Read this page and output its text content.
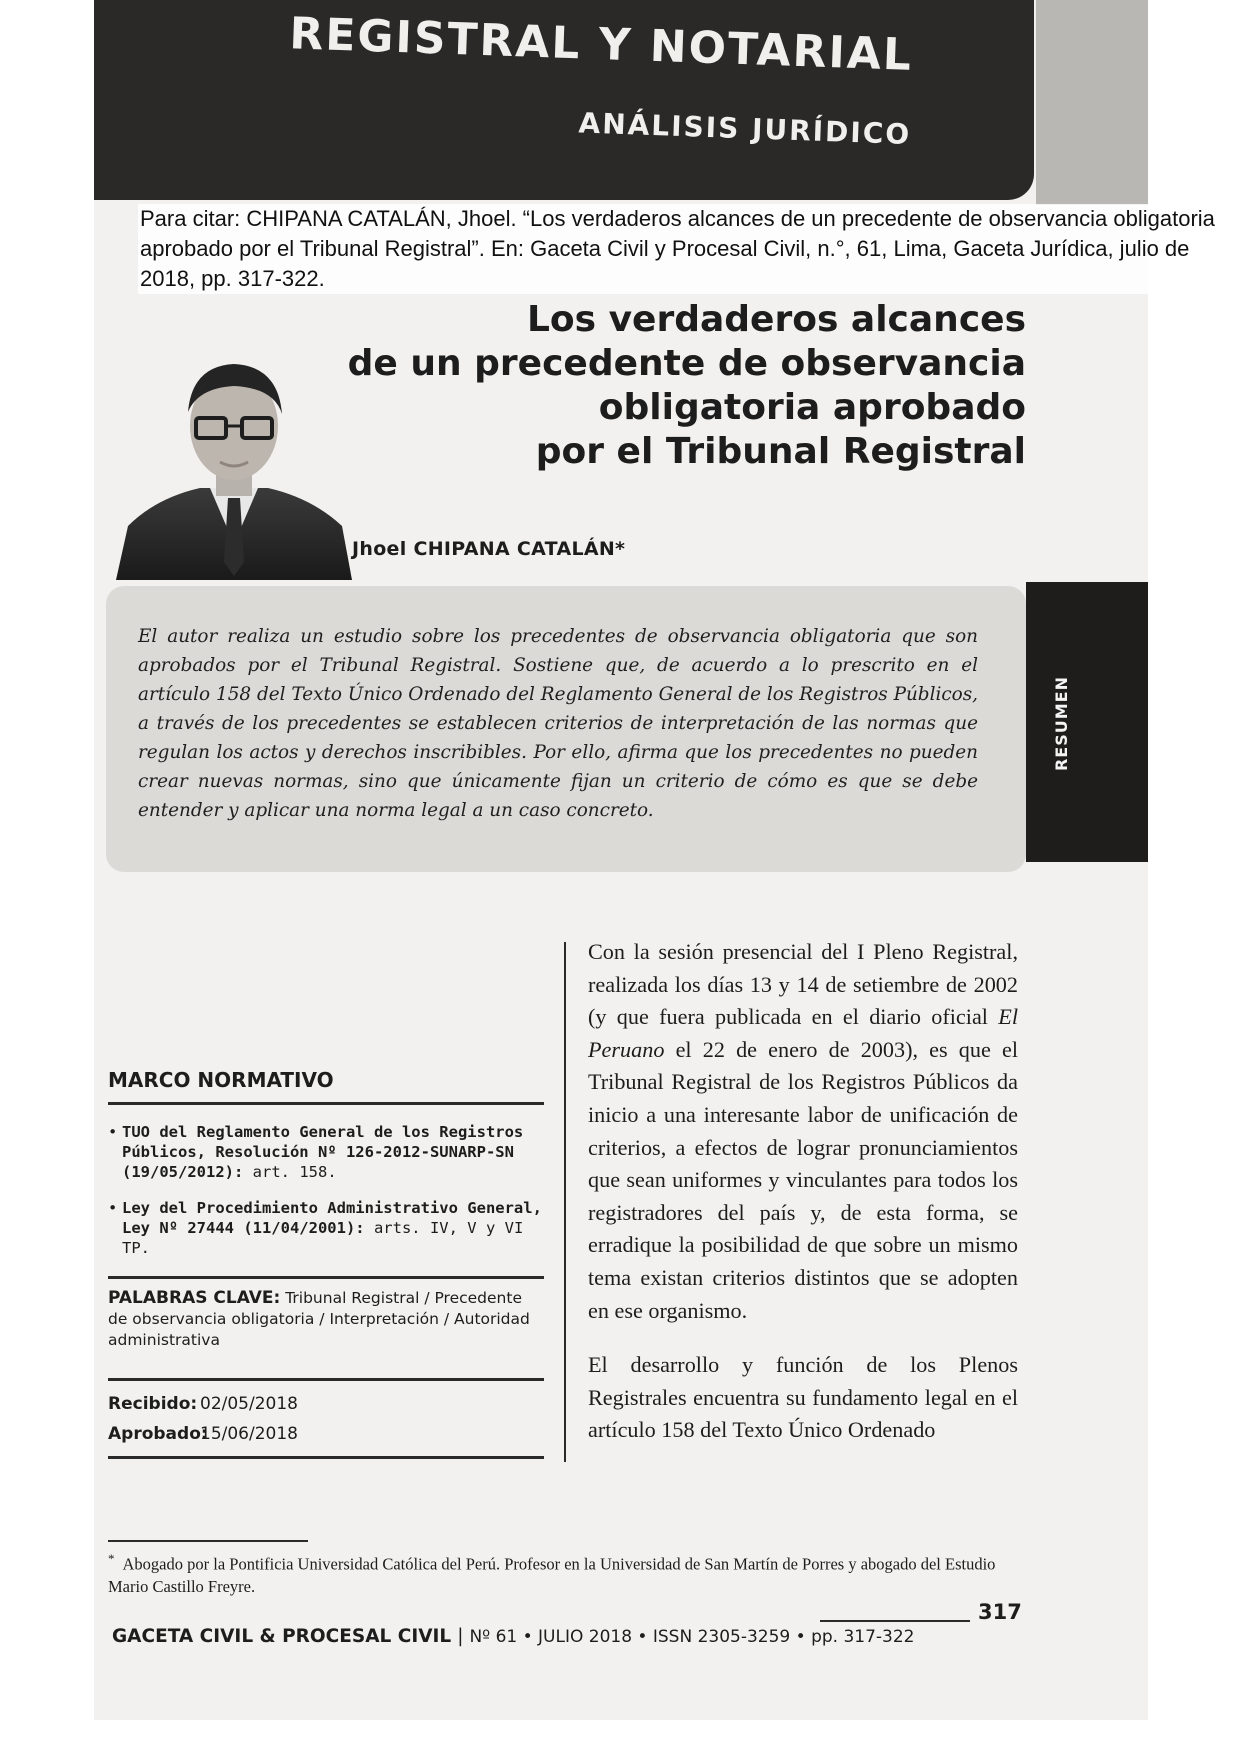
REGISTRAL Y NOTARIAL
ANÁLISIS JURÍDICO
Para citar: CHIPANA CATALÁN, Jhoel. “Los verdaderos alcances de un precedente de observancia obligatoria aprobado por el Tribunal Registral”. En: Gaceta Civil y Procesal Civil, n.°, 61, Lima, Gaceta Jurídica, julio de 2018, pp. 317-322.
Los verdaderos alcances
de un precedente de observancia
obligatoria aprobado
por el Tribunal Registral
Jhoel CHIPANA CATALÁN*
El autor realiza un estudio sobre los precedentes de observancia obligatoria que son aprobados por el Tribunal Registral. Sostiene que, de acuerdo a lo prescrito en el artículo 158 del Texto Único Ordenado del Reglamento General de los Registros Públicos, a través de los precedentes se establecen criterios de interpretación de las normas que regulan los actos y derechos inscribibles. Por ello, afirma que los precedentes no pueden crear nuevas normas, sino que únicamente fijan un criterio de cómo es que se debe entender y aplicar una norma legal a un caso concreto.
RESUMEN
MARCO NORMATIVO
• TUO del Reglamento General de los Registros Públicos, Resolución Nº 126-2012-SUNARP-SN (19/05/2012): art. 158.
• Ley del Procedimiento Administrativo General, Ley Nº 27444 (11/04/2001): arts. IV, V y VI TP.
PALABRAS CLAVE: Tribunal Registral / Precedente de observancia obligatoria / Interpretación / Autoridad administrativa
Recibido: 02/05/2018
Aprobado:
15/06/2018

Con la sesión presencial del I Pleno Registral, realizada los días 13 y 14 de setiembre de 2002 (y que fuera publicada en el diario oficial El Peruano el 22 de enero de 2003), es que el Tribunal Registral de los Registros Públicos da inicio a una interesante labor de unificación de criterios, a efectos de lograr pronunciamientos que sean uniformes y vinculantes para todos los registradores del país y, de esta forma, se erradique la posibilidad de que sobre un mismo tema existan criterios distintos que se adopten en ese organismo.

El desarrollo y función de los Plenos Registrales encuentra su fundamento legal en el artículo 158 del Texto Único Ordenado

* Abogado por la Pontificia Universidad Católica del Perú. Profesor en la Universidad de San Martín de Porres y abogado del Estudio Mario Castillo Freyre.
317
GACETA CIVIL & PROCESAL CIVIL | Nº 61 • JULIO 2018 • ISSN 2305-3259 • pp. 317-322
